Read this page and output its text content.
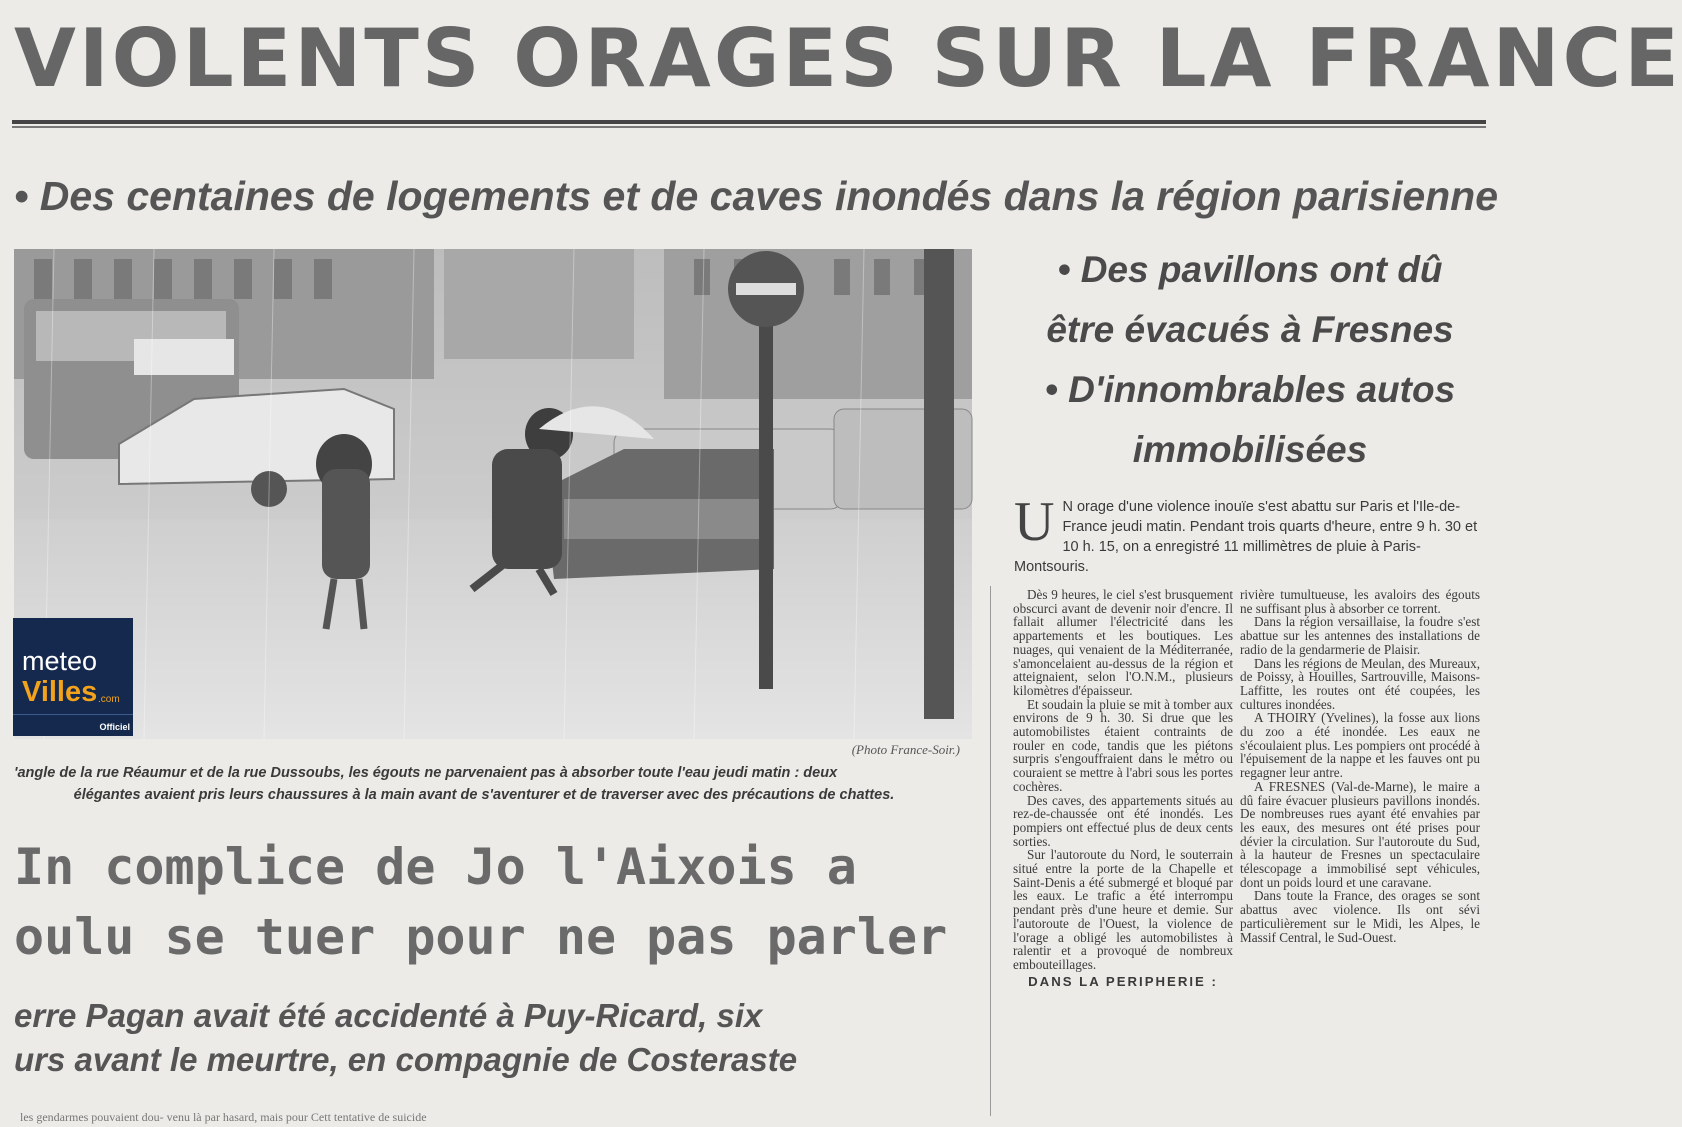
VIOLENTS ORAGES SUR LA FRANCE
• Des centaines de logements et de caves inondés dans la région parisienne
meteo
Villes .com
Officiel
(Photo France-Soir.)

'angle de la rue Réaumur et de la rue Dussoubs, les égouts ne parvenaient pas à absorber toute l'eau jeudi matin : deux

élégantes avaient pris leurs chaussures à la main avant de s'aventurer et de traverser avec des précautions de chattes.

In complice de Jo l'Aixois a

oulu se tuer pour ne pas parler

erre Pagan avait été accidenté à Puy-Ricard, six

urs avant le meurtre, en compagnie de Costeraste

les gendarmes pouvaient dou- venu là par hasard, mais pour Cett tentative de suicide

• Des pavillons ont dû

être évacués à Fresnes

• D'innombrables autos

immobilisées

U N orage d'une violence inouïe s'est abattu sur Paris et l'Ile-de-France jeudi matin. Pendant trois quarts d'heure, entre 9 h. 30 et 10 h. 15, on a enregistré 11 millimètres de pluie à Paris-Montsouris.

Dès 9 heures, le ciel s'est brusquement obscurci avant de devenir noir d'encre. Il fallait allumer l'électricité dans les appartements et les boutiques. Les nuages, qui venaient de la Méditerranée, s'amoncelaient au-dessus de la région et atteignaient, selon l'O.N.M., plusieurs kilomètres d'épaisseur.

Et soudain la pluie se mit à tomber aux environs de 9 h. 30. Si drue que les automobilistes étaient contraints de rouler en code, tandis que les piétons surpris s'engouffraient dans le métro ou couraient se mettre à l'abri sous les portes cochères.

Des caves, des appartements situés au rez-de-chaussée ont été inondés. Les pompiers ont effectué plus de deux cents sorties.

Sur l'autoroute du Nord, le souterrain situé entre la porte de la Chapelle et Saint-Denis a été submergé et bloqué par les eaux. Le trafic a été interrompu pendant près d'une heure et demie. Sur l'autoroute de l'Ouest, la violence de l'orage a obligé les automobilistes à ralentir et a provoqué de nombreux embouteillages.

DANS LA PERIPHERIE :

rivière tumultueuse, les avaloirs des égouts ne suffisant plus à absorber ce torrent.

Dans la région versaillaise, la foudre s'est abattue sur les antennes des installations de radio de la gendarmerie de Plaisir.

Dans les régions de Meulan, des Mureaux, de Poissy, à Houilles, Sartrouville, Maisons-Laffitte, les routes ont été coupées, les cultures inondées.

A THOIRY (Yvelines), la fosse aux lions du zoo a été inondée. Les eaux ne s'écoulaient plus. Les pompiers ont procédé à l'épuisement de la nappe et les fauves ont pu regagner leur antre.

A FRESNES (Val-de-Marne), le maire a dû faire évacuer plusieurs pavillons inondés. De nombreuses rues ayant été envahies par les eaux, des mesures ont été prises pour dévier la circulation. Sur l'autoroute du Sud, à la hauteur de Fresnes un spectaculaire télescopage a immobilisé sept véhicules, dont un poids lourd et une caravane.

Dans toute la France, des orages se sont abattus avec violence. Ils ont sévi particulièrement sur le Midi, les Alpes, le Massif Central, le Sud-Ouest.
